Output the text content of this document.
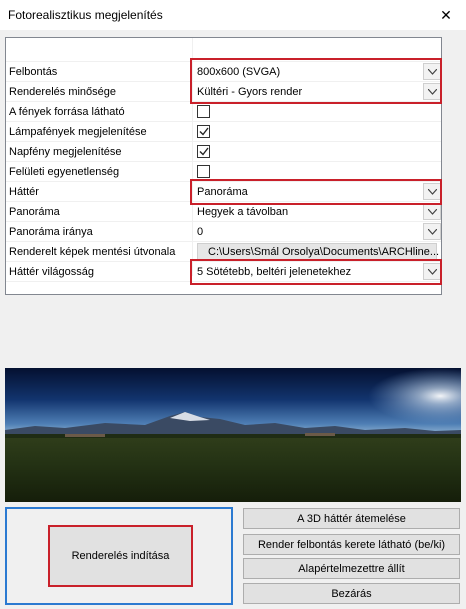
Fotorealisztikus megjelenítés	✕
Felbontás	800x600 (SVGA)
Renderelés minősége	Kültéri - Gyors render
A fények forrása látható
Lámpafények megjelenítése
Napfény megjelenítése
Felületi egyenetlenség
Háttér	Panoráma
Panoráma	Hegyek a távolban
Panoráma iránya	0
Renderelt képek mentési útvonala	C:\Users\Smál Orsolya\Documents\ARCHline...
Háttér világosság	5 Sötétebb, beltéri jelenetekhez
Renderelés indítása
A 3D háttér átemelése
Render felbontás kerete látható (be/ki)
Alapértelmezettre állít
Bezárás
